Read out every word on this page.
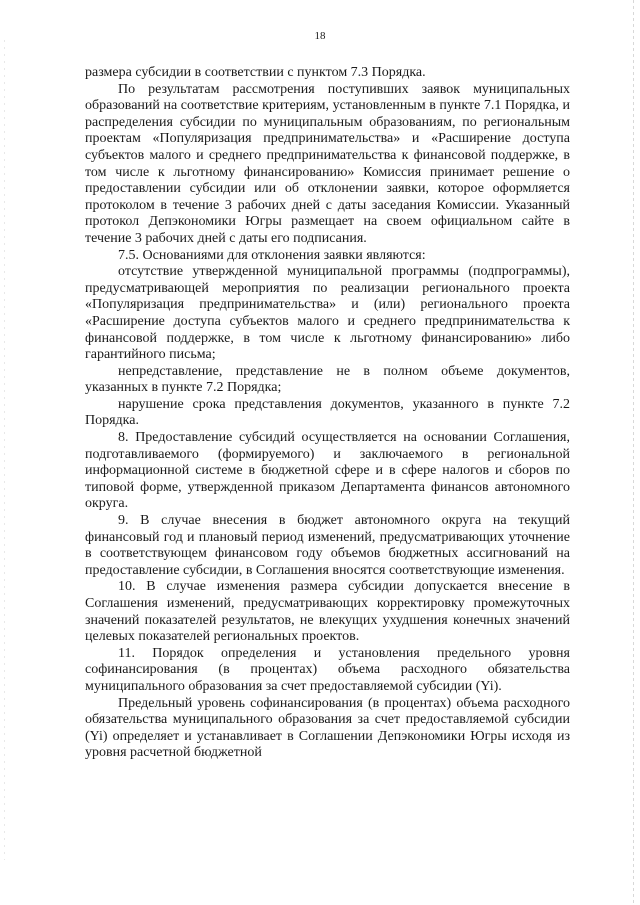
18

размера субсидии в соответствии с пунктом 7.3 Порядка.

По результатам рассмотрения поступивших заявок муниципальных образований на соответствие критериям, установленным в пункте 7.1 Порядка, и распределения субсидии по муниципальным образованиям, по региональным проектам «Популяризация предпринимательства» и «Расширение доступа субъектов малого и среднего предпринимательства к финансовой поддержке, в том числе к льготному финансированию» Комиссия принимает решение о предоставлении субсидии или об отклонении заявки, которое оформляется протоколом в течение 3 рабочих дней с даты заседания Комиссии. Указанный протокол Депэкономики Югры размещает на своем официальном сайте в течение 3 рабочих дней с даты его подписания.

7.5. Основаниями для отклонения заявки являются:

отсутствие утвержденной муниципальной программы (подпрограммы), предусматривающей мероприятия по реализации регионального проекта «Популяризация предпринимательства» и (или) регионального проекта «Расширение доступа субъектов малого и среднего предпринимательства к финансовой поддержке, в том числе к льготному финансированию» либо гарантийного письма;

непредставление, представление не в полном объеме документов, указанных в пункте 7.2 Порядка;

нарушение срока представления документов, указанного в пункте 7.2 Порядка.

8. Предоставление субсидий осуществляется на основании Соглашения, подготавливаемого (формируемого) и заключаемого в региональной информационной системе в бюджетной сфере и в сфере налогов и сборов по типовой форме, утвержденной приказом Департамента финансов автономного округа.

9. В случае внесения в бюджет автономного округа на текущий финансовый год и плановый период изменений, предусматривающих уточнение в соответствующем финансовом году объемов бюджетных ассигнований на предоставление субсидии, в Соглашения вносятся соответствующие изменения.

10. В случае изменения размера субсидии допускается внесение в Соглашения изменений, предусматривающих корректировку промежуточных значений показателей результатов, не влекущих ухудшения конечных значений целевых показателей региональных проектов.

11. Порядок определения и установления предельного уровня софинансирования (в процентах) объема расходного обязательства муниципального образования за счет предоставляемой субсидии (Yi).

Предельный уровень софинансирования (в процентах) объема расходного обязательства муниципального образования за счет предоставляемой субсидии (Yi) определяет и устанавливает в Соглашении Депэкономики Югры исходя из уровня расчетной бюджетной
